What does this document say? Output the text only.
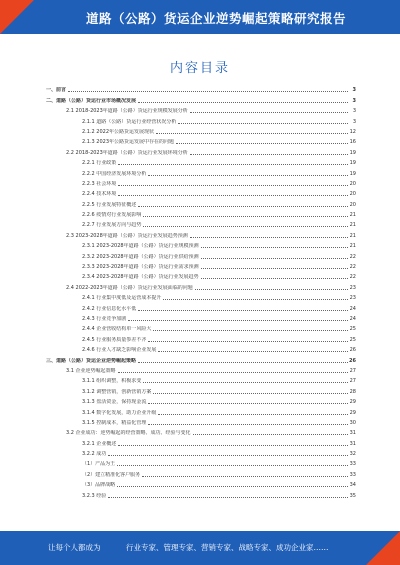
道路（公路）货运企业逆势崛起策略研究报告
内容目录
一、前言	3
二、道路（公路）货运行业市场概况发展	3
2.1 2018-2023年道路（公路）货运行业规模发展分析	3
2.1.1 道路（公路）货运行业经营状况分析	3
2.1.2 2022年公路货运发展现状	12
2.1.3 2023年公路货运发展中存在的问题	16
2.2 2018-2023年道路（公路）货运行业发展环境分析	19
2.2.1 行业政策	19
2.2.2 中国经济发展环境分析	19
2.2.3 社会环境	20
2.2.4 技术环境	20
2.2.5 行业发展特征概述	20
2.2.6 疫情对行业发展影响	21
2.2.7 行业发展方向与趋势	21
2.3 2023-2028年道路（公路）货运行业发展趋势预测	21
2.3.1 2023-2028年道路（公路）货运行业规模预测	21
2.3.2 2023-2028年道路（公路）货运行业供给预测	22
2.3.3 2023-2028年道路（公路）货运行业需求预测	22
2.3.4 2023-2028年道路（公路）货运行业发展趋势	22
2.4 2022-2023年道路（公路）货运行业发展面临的问题	23
2.4.1 行业集中度低及运营成本提升	23
2.4.2 行业信息化水平低	24
2.4.3 行业竞争加剧	24
2.4.4 企业营收结构单一风险大	25
2.4.5 行业服务质量参差不齐	25
2.4.6 行业人才缺乏影响企业发展	26
三、道路（公路）货运企业逆势崛起策略	26
3.1 企业逆势崛起策略	27
3.1.1 组织调整，积极求变	27
3.1.2 调整营销，创新营销方案	28
3.1.3 盘活资金，保持现金流	29
3.1.4 数字化发展，助力企业升级	29
3.1.5 控制成本，精益化管理	30
3.2 企业成功：逆势崛起的经营策略、成功、经验与变化	31
3.2.1 企业概述	31
3.2.2 成功	32
（1）产品为王	33
（2）建立精准化客户服务	33
（3）品牌战略	34
3.2.3 经验	35
让每个人都成为	行业专家、管理专家、营销专家、战略专家、成功企业家……
